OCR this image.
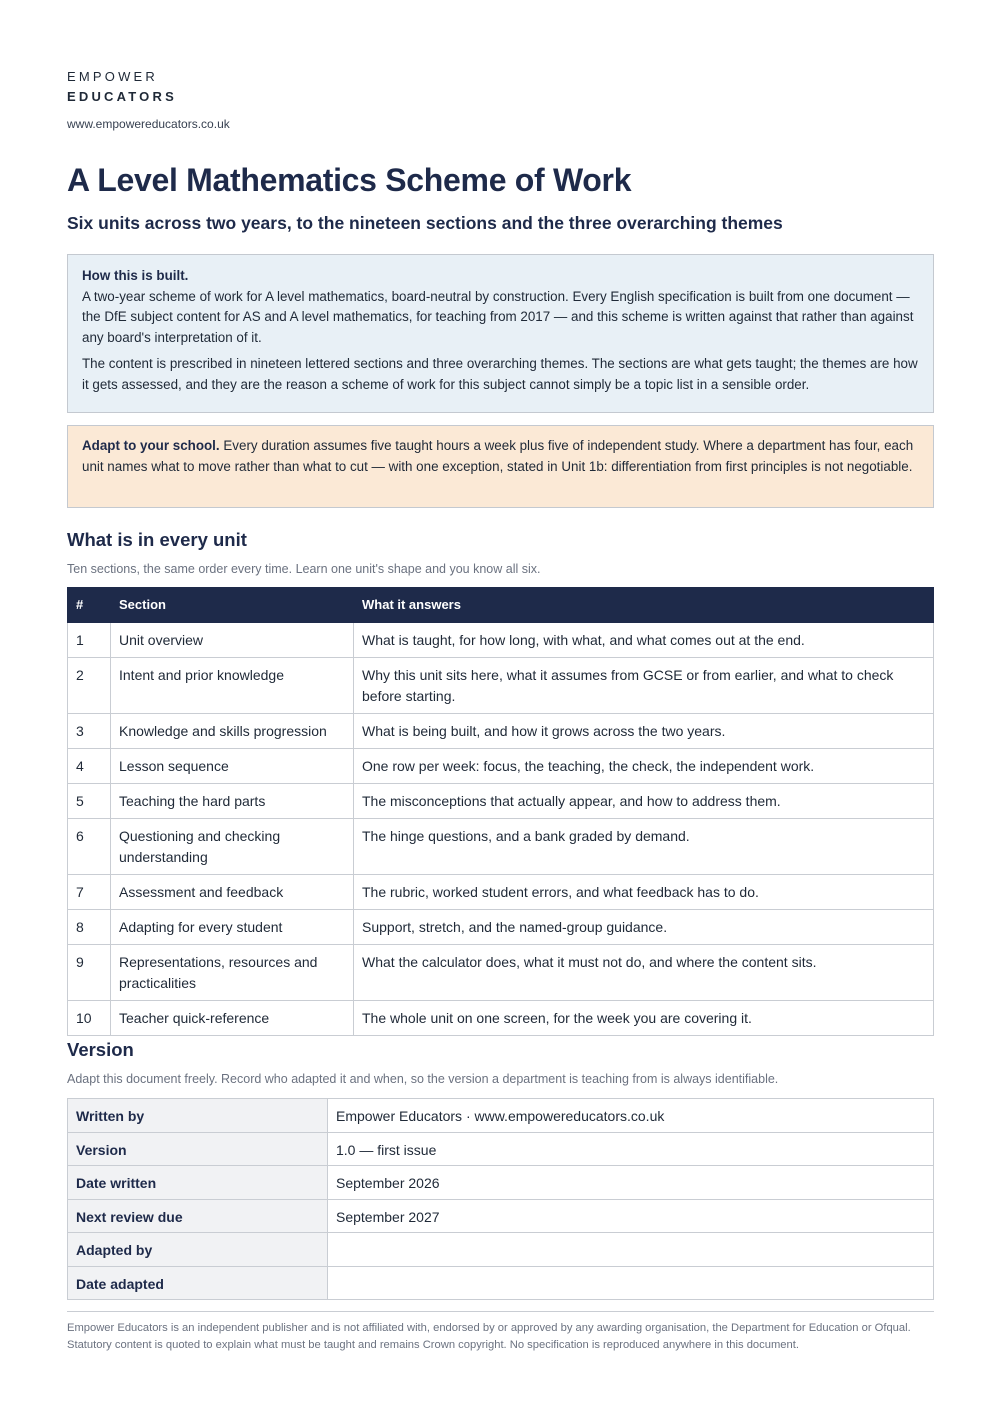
EMPOWER
EDUCATORS
www.empowereducators.co.uk
A Level Mathematics Scheme of Work
Six units across two years, to the nineteen sections and the three overarching themes

How this is built.
A two-year scheme of work for A level mathematics, board-neutral by construction. Every English specification is built from one document — the DfE subject content for AS and A level mathematics, for teaching from 2017 — and this scheme is written against that rather than against any board's interpretation of it.

The content is prescribed in nineteen lettered sections and three overarching themes. The sections are what gets taught; the themes are how it gets assessed, and they are the reason a scheme of work for this subject cannot simply be a topic list in a sensible order.

Adapt to your school. Every duration assumes five taught hours a week plus five of independent study. Where a department has four, each unit names what to move rather than what to cut — with one exception, stated in Unit 1b: differentiation from first principles is not negotiable.

What is in every unit
Ten sections, the same order every time. Learn one unit's shape and you know all six.
#	Section	What it answers
1	Unit overview	What is taught, for how long, with what, and what comes out at the end.
2	Intent and prior knowledge	Why this unit sits here, what it assumes from GCSE or from earlier, and what to check before starting.
3	Knowledge and skills progression	What is being built, and how it grows across the two years.
4	Lesson sequence	One row per week: focus, the teaching, the check, the independent work.
5	Teaching the hard parts	The misconceptions that actually appear, and how to address them.
6	Questioning and checking understanding	The hinge questions, and a bank graded by demand.
7	Assessment and feedback	The rubric, worked student errors, and what feedback has to do.
8	Adapting for every student	Support, stretch, and the named-group guidance.
9	Representations, resources and practicalities	What the calculator does, what it must not do, and where the content sits.
10	Teacher quick-reference	The whole unit on one screen, for the week you are covering it.
Version
Adapt this document freely. Record who adapted it and when, so the version a department is teaching from is always identifiable.
Written by	Empower Educators · www.empowereducators.co.uk
Version	1.0 — first issue
Date written	September 2026
Next review due	September 2027
Adapted by	
Date adapted	
Empower Educators is an independent publisher and is not affiliated with, endorsed by or approved by any awarding organisation, the Department for Education or Ofqual. Statutory content is quoted to explain what must be taught and remains Crown copyright. No specification is reproduced anywhere in this document.
